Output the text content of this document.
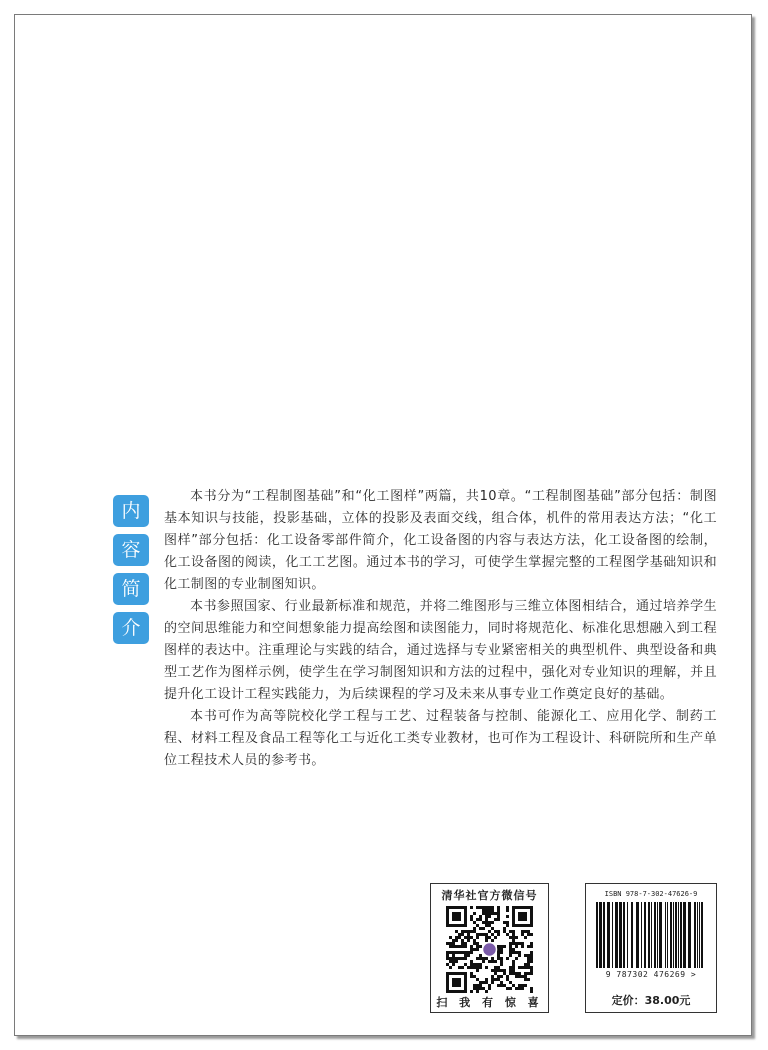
内
容
简
介

本书分为“工程制图基础”和“化工图样”两篇，共10章。“工程制图基础”部分包括：制图基本知识与技能，投影基础，立体的投影及表面交线，组合体，机件的常用表达方法；“化工图样”部分包括：化工设备零部件简介，化工设备图的内容与表达方法，化工设备图的绘制，化工设备图的阅读，化工工艺图。通过本书的学习，可使学生掌握完整的工程图学基础知识和化工制图的专业制图知识。

本书参照国家、行业最新标准和规范，并将二维图形与三维立体图相结合，通过培养学生的空间思维能力和空间想象能力提高绘图和读图能力，同时将规范化、标准化思想融入到工程图样的表达中。注重理论与实践的结合，通过选择与专业紧密相关的典型机件、典型设备和典型工艺作为图样示例，使学生在学习制图知识和方法的过程中，强化对专业知识的理解，并且提升化工设计工程实践能力，为后续课程的学习及未来从事专业工作奠定良好的基础。

本书可作为高等院校化学工程与工艺、过程装备与控制、能源化工、应用化学、制药工程、材料工程及食品工程等化工与近化工类专业教材，也可作为工程设计、科研院所和生产单位工程技术人员的参考书。

清华社官方微信号
扫 我 有 惊 喜
ISBN 978-7-302-47626-9
9 787302 476269 >
定价：38.00元
